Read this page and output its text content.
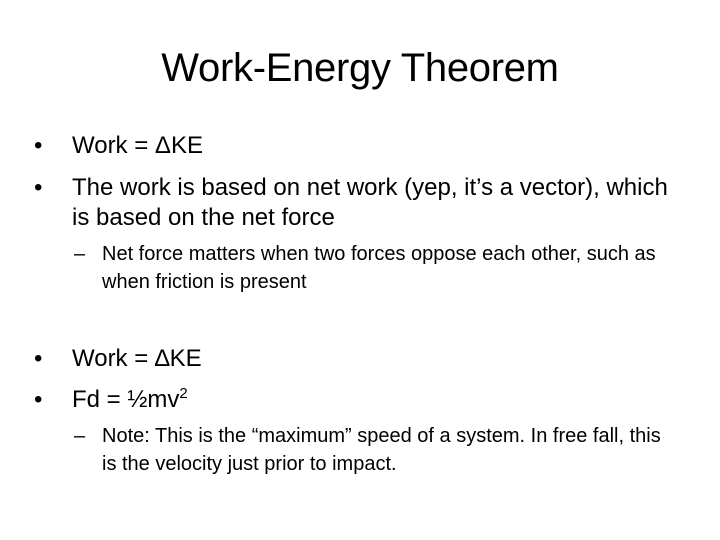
Work-Energy Theorem
•	Work = ΔKE
•	The work is based on net work (yep, it’s a vector), which is based on the net force
– Net force matters when two forces oppose each other, such as when friction is present
•	Work = ∆KE
•	$Fd = \frac{1}{2}mv^2$
– Note: This is the “maximum” speed of a system. In free fall, this is the velocity just prior to impact.
